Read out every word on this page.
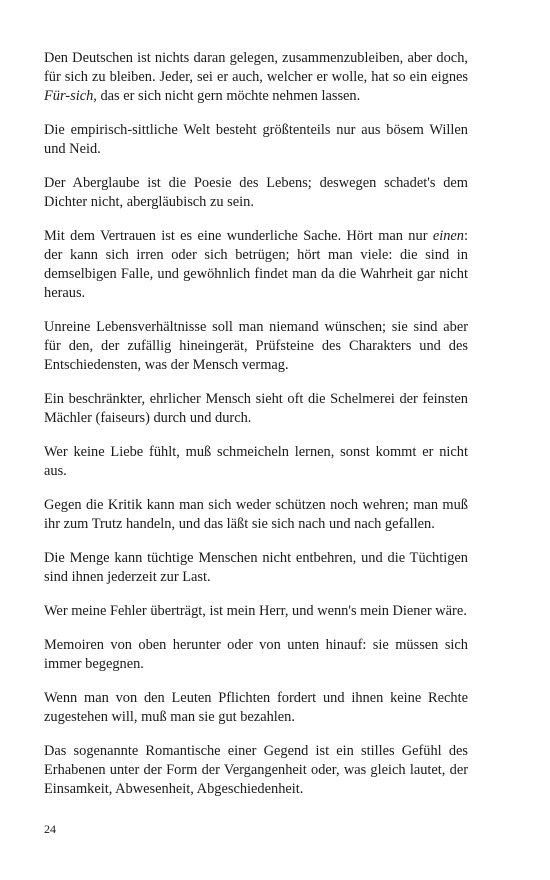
Den Deutschen ist nichts daran gelegen, zusammenzubleiben, aber doch, für sich zu bleiben. Jeder, sei er auch, welcher er wolle, hat so ein eignes Für-sich, das er sich nicht gern möchte nehmen lassen.

Die empirisch-sittliche Welt besteht größtenteils nur aus bösem Willen und Neid.

Der Aberglaube ist die Poesie des Lebens; deswegen schadet's dem Dichter nicht, abergläubisch zu sein.

Mit dem Vertrauen ist es eine wunderliche Sache. Hört man nur einen: der kann sich irren oder sich betrügen; hört man viele: die sind in demselbigen Falle, und gewöhnlich findet man da die Wahrheit gar nicht heraus.

Unreine Lebensverhältnisse soll man niemand wünschen; sie sind aber für den, der zufällig hineingerät, Prüfsteine des Charakters und des Entschiedensten, was der Mensch vermag.

Ein beschränkter, ehrlicher Mensch sieht oft die Schelmerei der feinsten Mächler (faiseurs) durch und durch.

Wer keine Liebe fühlt, muß schmeicheln lernen, sonst kommt er nicht aus.

Gegen die Kritik kann man sich weder schützen noch wehren; man muß ihr zum Trutz handeln, und das läßt sie sich nach und nach gefallen.

Die Menge kann tüchtige Menschen nicht entbehren, und die Tüchtigen sind ihnen jederzeit zur Last.

Wer meine Fehler überträgt, ist mein Herr, und wenn's mein Diener wäre.

Memoiren von oben herunter oder von unten hinauf: sie müssen sich immer begegnen.

Wenn man von den Leuten Pflichten fordert und ihnen keine Rechte zugestehen will, muß man sie gut bezahlen.

Das sogenannte Romantische einer Gegend ist ein stilles Gefühl des Erhabenen unter der Form der Vergangenheit oder, was gleich lautet, der Einsamkeit, Abwesenheit, Abgeschiedenheit.

24
